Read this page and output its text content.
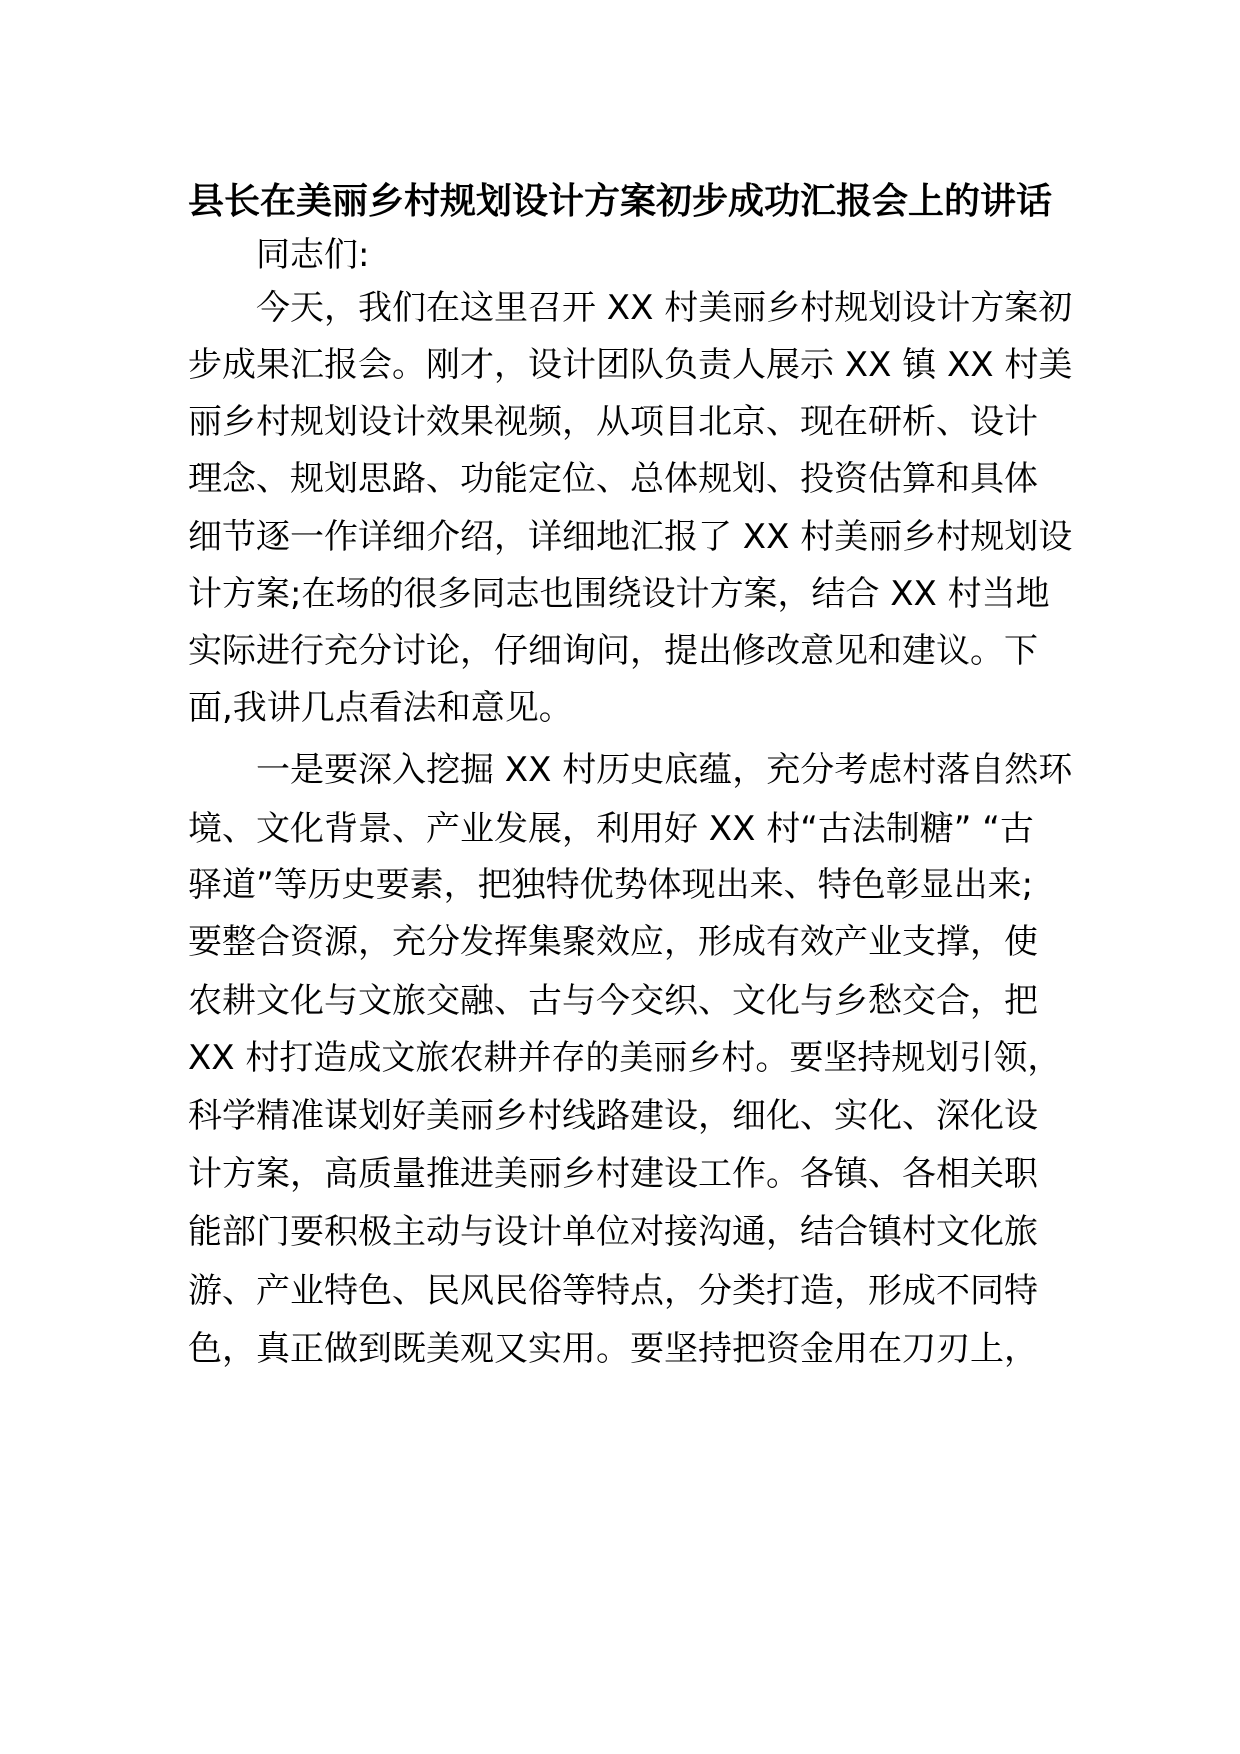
县长在美丽乡村规划设计方案初步成功汇报会上的讲话
同志们:
今天，我们在这里召开 XX 村美丽乡村规划设计方案初
步成果汇报会。刚才，设计团队负责人展示 XX 镇 XX 村美
丽乡村规划设计效果视频，从项目北京、现在研析、设计
理念、规划思路、功能定位、总体规划、投资估算和具体
细节逐一作详细介绍，详细地汇报了 XX 村美丽乡村规划设
计方案;在场的很多同志也围绕设计方案，结合 XX 村当地
实际进行充分讨论，仔细询问，提出修改意见和建议。下
面,我讲几点看法和意见。
一是要深入挖掘 XX 村历史底蕴，充分考虑村落自然环
境、文化背景、产业发展，利用好 XX 村“古法制糖” “古
驿道”等历史要素，把独特优势体现出来、特色彰显出来;
要整合资源，充分发挥集聚效应，形成有效产业支撑，使
农耕文化与文旅交融、古与今交织、文化与乡愁交合，把
XX 村打造成文旅农耕并存的美丽乡村。要坚持规划引领，
科学精准谋划好美丽乡村线路建设，细化、实化、深化设
计方案，高质量推进美丽乡村建设工作。各镇、各相关职
能部门要积极主动与设计单位对接沟通，结合镇村文化旅
游、产业特色、民风民俗等特点，分类打造，形成不同特
色，真正做到既美观又实用。要坚持把资金用在刀刃上，
